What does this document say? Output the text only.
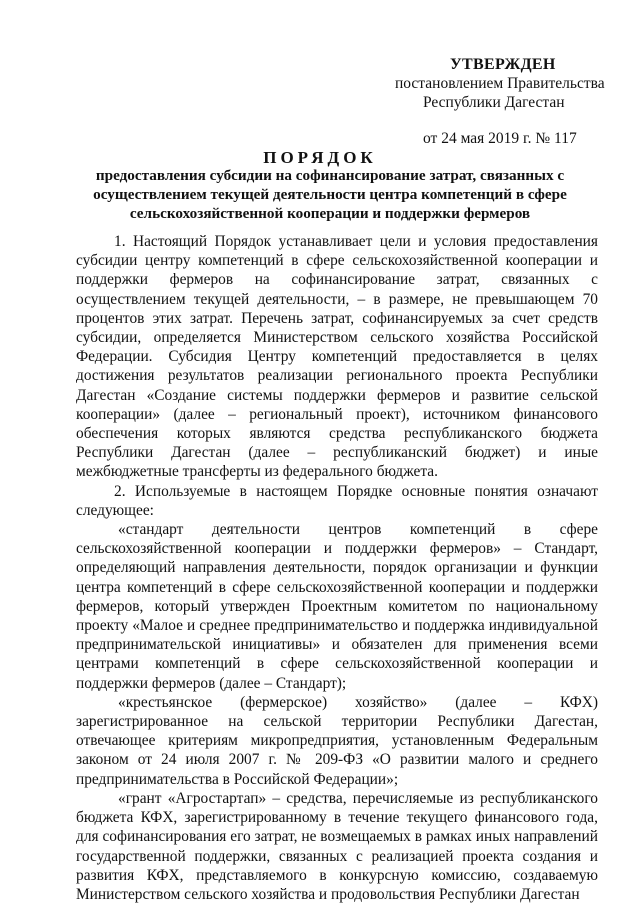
УТВЕРЖДЕН
постановлением Правительства
Республики Дагестан
от 24 мая 2019 г. № 117
ПОРЯДОК
предоставления субсидии на софинансирование затрат, связанных с осуществлением текущей деятельности центра компетенций в сфере сельскохозяйственной кооперации и поддержки фермеров

1. Настоящий Порядок устанавливает цели и условия предоставления субсидии центру компетенций в сфере сельскохозяйственной кооперации и поддержки фермеров на софинансирование затрат, связанных с осуществлением текущей деятельности, – в размере, не превышающем 70 процентов этих затрат. Перечень затрат, софинансируемых за счет средств субсидии, определяется Министерством сельского хозяйства Российской Федерации. Субсидия Центру компетенций предоставляется в целях достижения результатов реализации регионального проекта Республики Дагестан «Создание системы поддержки фермеров и развитие сельской кооперации» (далее – региональный проект), источником финансового обеспечения которых являются средства республиканского бюджета Республики Дагестан (далее – республиканский бюджет) и иные межбюджетные трансферты из федерального бюджета.

2. Используемые в настоящем Порядке основные понятия означают следующее:

«стандарт деятельности центров компетенций в сфере сельскохозяйственной кооперации и поддержки фермеров» – Стандарт, определяющий направления деятельности, порядок организации и функции центра компетенций в сфере сельскохозяйственной кооперации и поддержки фермеров, который утвержден Проектным комитетом по национальному проекту «Малое и среднее предпринимательство и поддержка индивидуальной предпринимательской инициативы» и обязателен для применения всеми центрами компетенций в сфере сельскохозяйственной кооперации и поддержки фермеров (далее – Стандарт);

«крестьянское (фермерское) хозяйство» (далее – КФХ) зарегистрированное на сельской территории Республики Дагестан, отвечающее критериям микропредприятия, установленным Федеральным законом от 24 июля 2007 г. № 209-ФЗ «О развитии малого и среднего предпринимательства в Российской Федерации»;

«грант «Агростартап» – средства, перечисляемые из республиканского бюджета КФХ, зарегистрированному в течение текущего финансового года, для софинансирования его затрат, не возмещаемых в рамках иных направлений государственной поддержки, связанных с реализацией проекта создания и развития КФХ, представляемого в конкурсную комиссию, создаваемую Министерством сельского хозяйства и продовольствия Республики Дагестан
